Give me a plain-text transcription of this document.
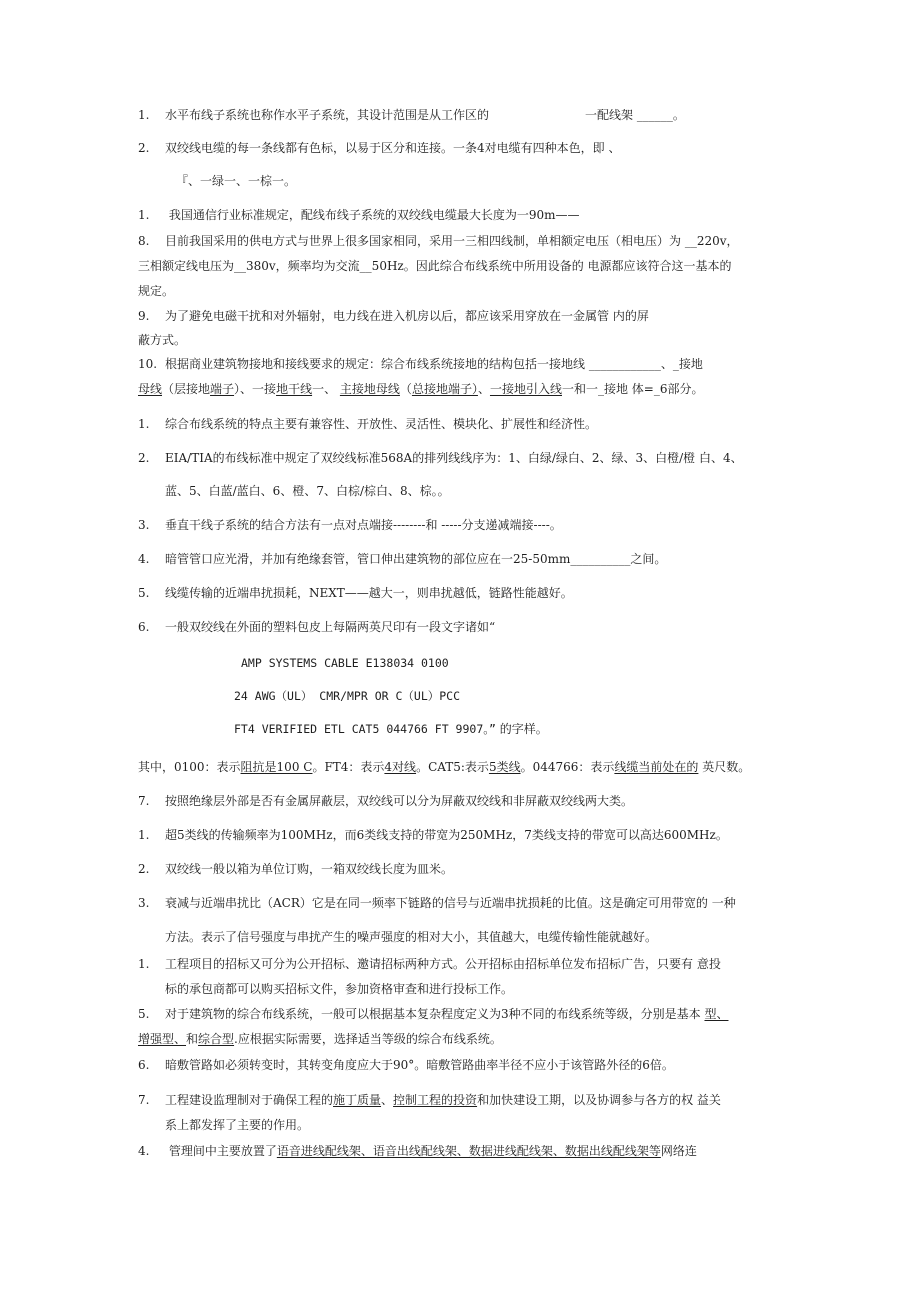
1. 水平布线子系统也称作水平子系统，其设计范围是从工作区的	一配线架 ______。
2. 双绞线电缆的每一条线都有色标，以易于区分和连接。一条4对电缆有四种本色，即 、
『、一绿一、一棕一。
1. 我国通信行业标准规定，配线布线子系统的双绞线电缆最大长度为一90m——
8. 目前我国采用的供电方式与世界上很多国家相同，采用一三相四线制，单相额定电压（相电压）为 __220v，
三相额定线电压为__380v，频率均为交流__50Hz。因此综合布线系统中所用设备的 电源都应该符合这一基本的
规定。
9. 为了避免电磁干扰和对外辐射，电力线在进入机房以后，都应该采用穿放在一金属管 内的屏
蔽方式。
10. 根据商业建筑物接地和接线要求的规定：综合布线系统接地的结构包括一接地线 ____________、_接地
母线（层接地端子）、一接地干线一、 主接地母线（总接地端子）、一接地引入线一和一_接地 体=_6部分。
1. 综合布线系统的特点主要有兼容性、开放性、灵活性、模块化、扩展性和经济性。
2. EIA/TIA的布线标准中规定了双绞线标准568A的排列线线序为：1、白绿/绿白、2、绿、3、白橙/橙 白、4、
蓝、5、白蓝/蓝白、6、橙、7、白棕/棕白、8、棕。。
3. 垂直干线子系统的结合方法有一点对点端接--------和 -----分支递减端接----。
4. 暗管管口应光滑，并加有绝缘套管，管口伸出建筑物的部位应在一25-50mm__________之间。
5. 线缆传输的近端串扰损耗，NEXT——越大一，则串扰越低，链路性能越好。
6. 一般双绞线在外面的塑料包皮上每隔两英尺印有一段文字诸如“
AMP SYSTEMS CABLE E138034 0100
24 AWG（UL） CMR/MPR OR C（UL）PCC
FT4 VERIFIED ETL CAT5 044766 FT 9907。” 的字样。
其中，0100：表示阻抗是100 C。FT4：表示4对线。CAT5:表示5类线。044766：表示线缆当前处在的 英尺数。
7. 按照绝缘层外部是否有金属屏蔽层，双绞线可以分为屏蔽双绞线和非屏蔽双绞线两大类。
1. 超5类线的传输频率为100MHz，而6类线支持的带宽为250MHz，7类线支持的带宽可以高达600MHz。
2. 双绞线一般以箱为单位订购，一箱双绞线长度为皿米。
3. 衰减与近端串扰比（ACR）它是在同一频率下链路的信号与近端串扰损耗的比值。这是确定可用带宽的 一种
方法。表示了信号强度与串扰产生的噪声强度的相对大小，其值越大，电缆传输性能就越好。
1. 工程项目的招标又可分为公开招标、邀请招标两种方式。公开招标由招标单位发布招标广告，只要有 意投
标的承包商都可以购买招标文件，参加资格审查和进行投标工作。
5. 对于建筑物的综合布线系统，一般可以根据基本复杂程度定义为3种不同的布线系统等级，分别是基本 型、
增强型、和综合型.应根据实际需要，选择适当等级的综合布线系统。
6. 暗敷管路如必须转变时，其转变角度应大于90°。暗敷管路曲率半径不应小于该管路外径的6倍。
7. 工程建设监理制对于确保工程的施丁质量、控制工程的投资和加快建设工期，以及协调参与各方的权 益关
系上都发挥了主要的作用。
4. 管理间中主要放置了语音进线配线架、语音出线配线架、数据进线配线架、数据出线配线架等网络连
